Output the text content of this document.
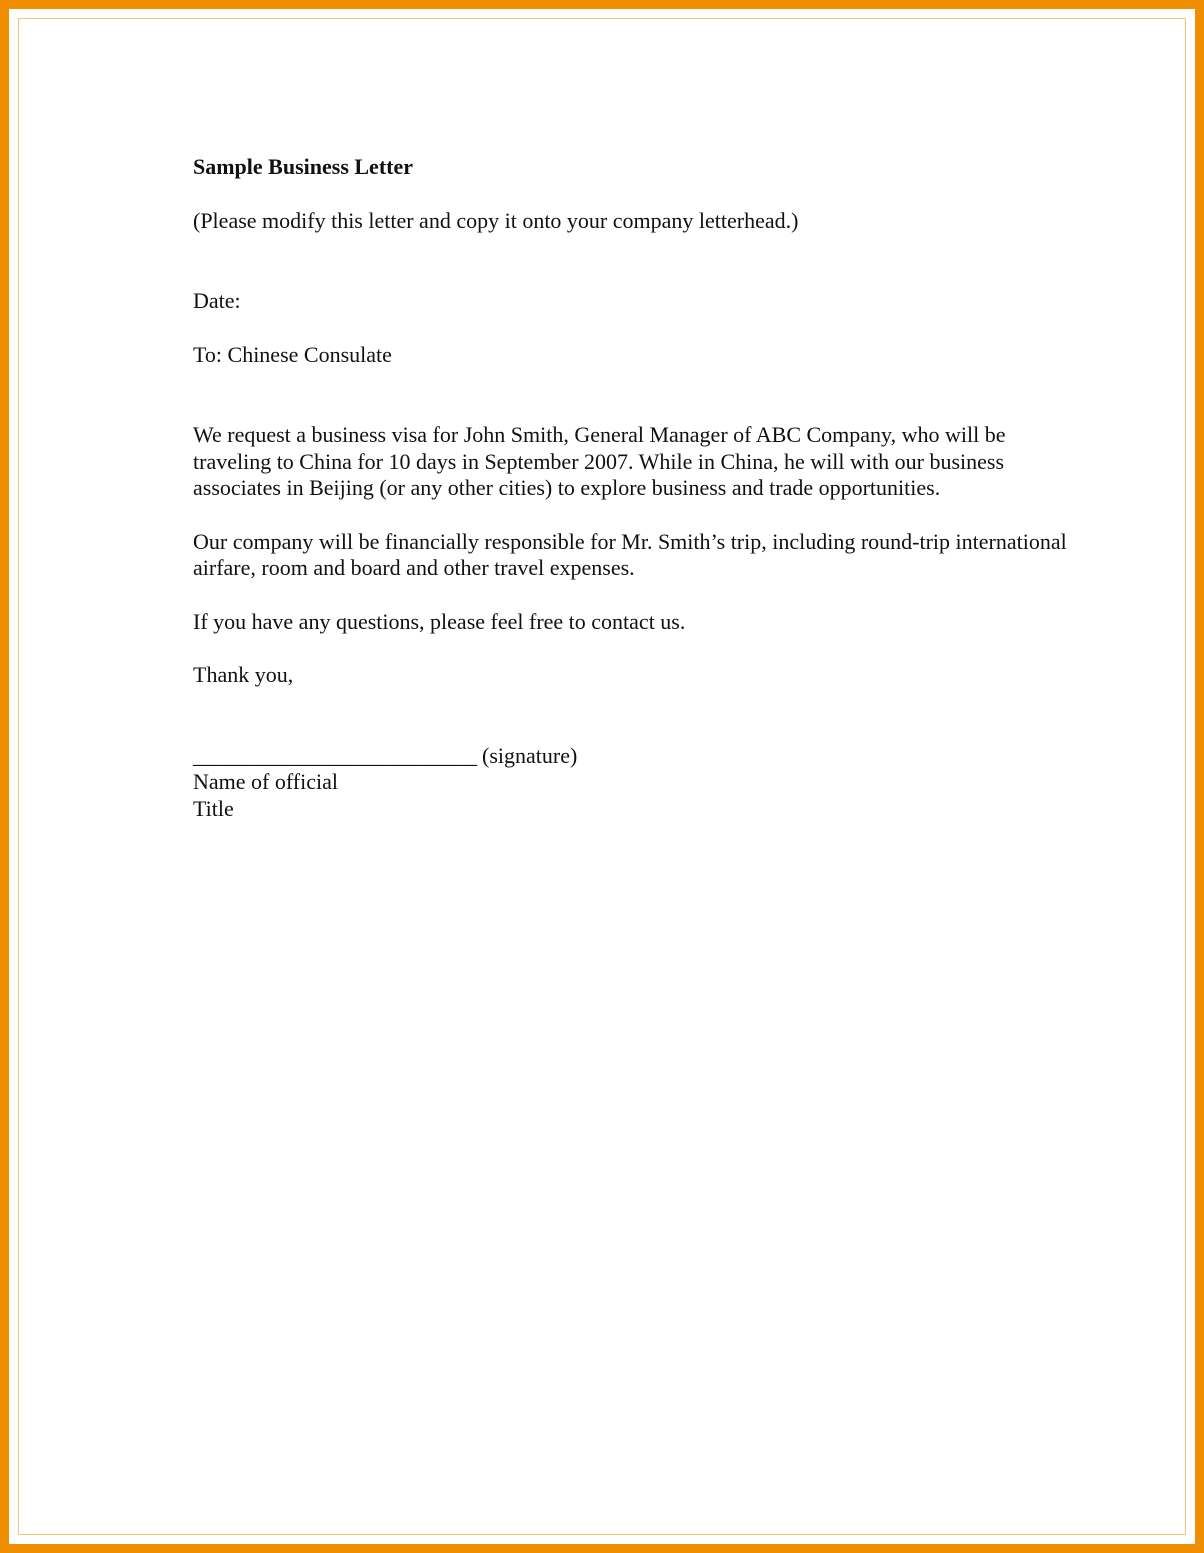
Sample Business Letter

(Please modify this letter and copy it onto your company letterhead.)

Date:

To: Chinese Consulate

We request a business visa for John Smith, General Manager of ABC Company, who will be traveling to China for 10 days in September 2007. While in China, he will with our business associates in Beijing (or any other cities) to explore business and trade opportunities.

Our company will be financially responsible for Mr. Smith’s trip, including round-trip international airfare, room and board and other travel expenses.

If you have any questions, please feel free to contact us.

Thank you,

___________________________ (signature)

Name of official

Title
